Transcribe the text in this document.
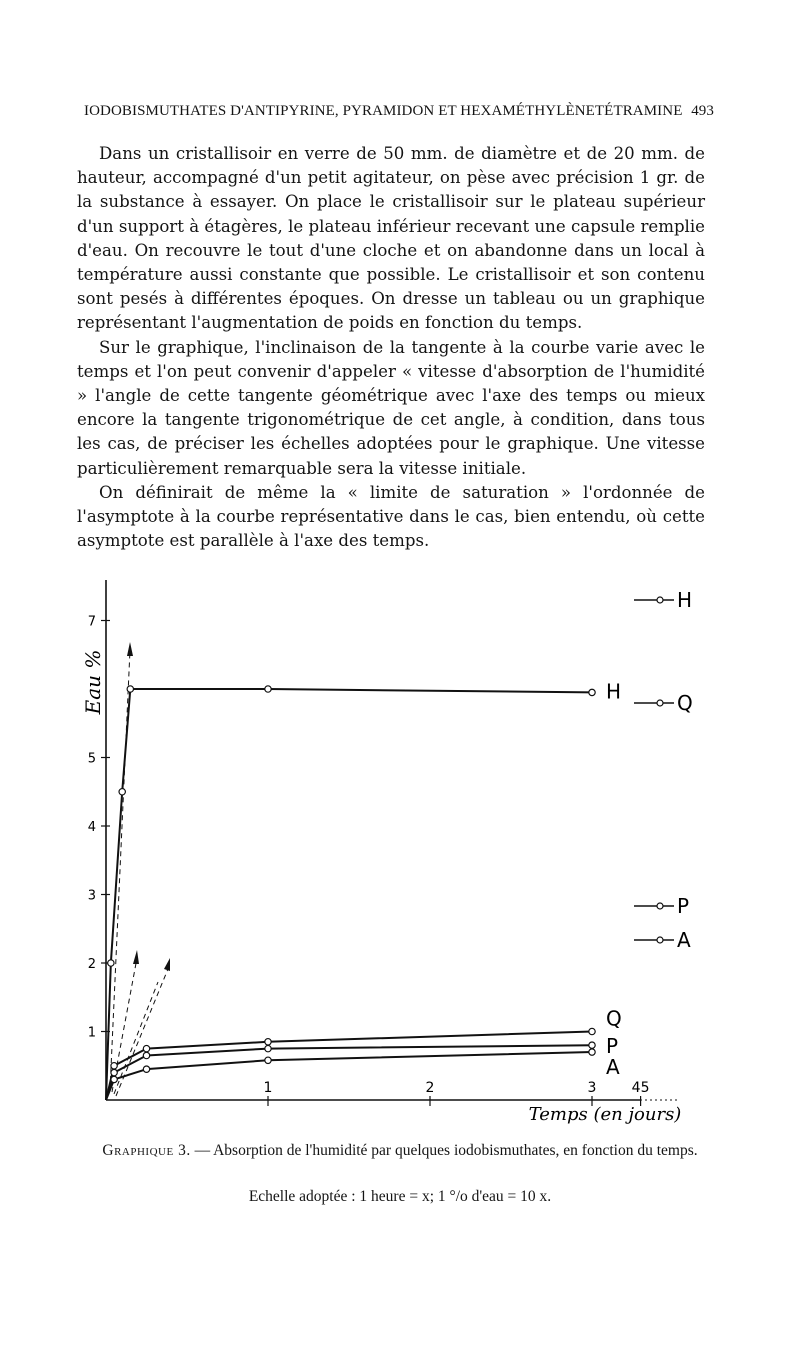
IODOBISMUTHATES D'ANTIPYRINE, PYRAMIDON ET HEXAMÉTHYLÈNETÉTRAMINE 493

Dans un cristallisoir en verre de 50 mm. de diamètre et de 20 mm. de hauteur, accompagné d'un petit agitateur, on pèse avec précision 1 gr. de la substance à essayer. On place le cristallisoir sur le plateau supérieur d'un support à étagères, le plateau inférieur recevant une capsule remplie d'eau. On recouvre le tout d'une cloche et on abandonne dans un local à température aussi constante que possible. Le cristallisoir et son contenu sont pesés à différentes époques. On dresse un tableau ou un graphique représentant l'augmentation de poids en fonction du temps.

Sur le graphique, l'inclinaison de la tangente à la courbe varie avec le temps et l'on peut convenir d'appeler « vitesse d'absorption de l'humidité » l'angle de cette tangente géométrique avec l'axe des temps ou mieux encore la tangente trigonométrique de cet angle, à condition, dans tous les cas, de préciser les échelles adoptées pour le graphique. Une vitesse particulièrement remarquable sera la vitesse initiale.

On définirait de même la « limite de saturation » l'ordonnée de l'asymptote à la courbe représentative dans le cas, bien entendu, où cette asymptote est parallèle à l'axe des temps.

Eau %
Temps (en jours)
1
2
3
4
5
7
1	2	3	45
H
Q
P
A
H
Q
P
A
Graphique 3. — Absorption de l'humidité par quelques iodobismuthates, en fonction du temps.
Echelle adoptée : 1 heure = x; 1 °/o d'eau = 10 x.
